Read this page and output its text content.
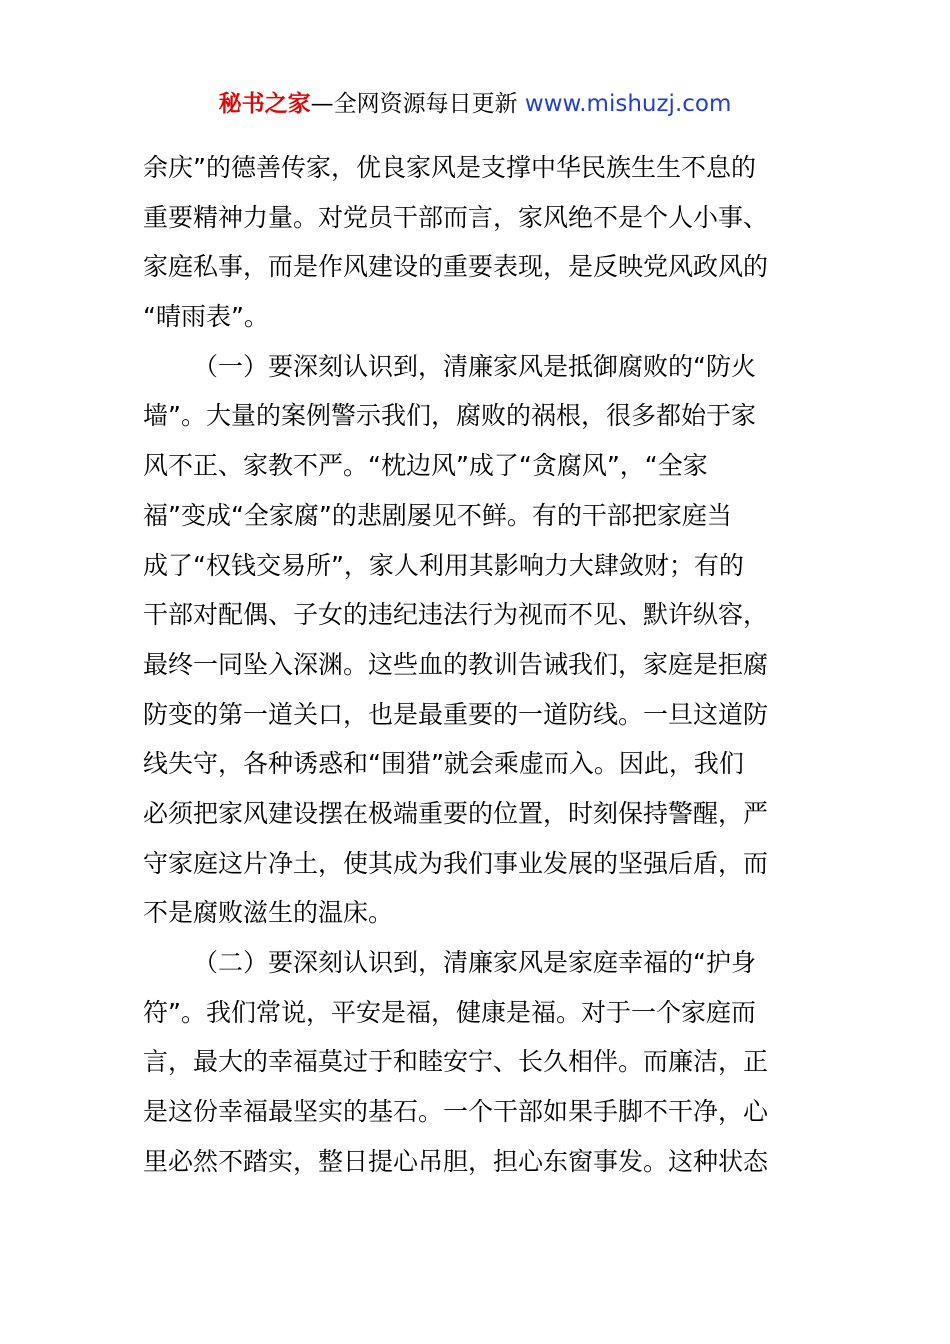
秘书之家—全网资源每日更新 www.mishuzj.com
余庆”的德善传家，优良家风是支撑中华民族生生不息的
重要精神力量。对党员干部而言，家风绝不是个人小事、
家庭私事，而是作风建设的重要表现，是反映党风政风的
“晴雨表”。
（一）要深刻认识到，清廉家风是抵御腐败的“防火
墙”。大量的案例警示我们，腐败的祸根，很多都始于家
风不正、家教不严。“枕边风”成了“贪腐风”，“全家
福”变成“全家腐”的悲剧屡见不鲜。有的干部把家庭当
成了“权钱交易所”，家人利用其影响力大肆敛财；有的
干部对配偶、子女的违纪违法行为视而不见、默许纵容，
最终一同坠入深渊。这些血的教训告诫我们，家庭是拒腐
防变的第一道关口，也是最重要的一道防线。一旦这道防
线失守，各种诱惑和“围猎”就会乘虚而入。因此，我们
必须把家风建设摆在极端重要的位置，时刻保持警醒，严
守家庭这片净土，使其成为我们事业发展的坚强后盾，而
不是腐败滋生的温床。
（二）要深刻认识到，清廉家风是家庭幸福的“护身
符”。我们常说，平安是福，健康是福。对于一个家庭而
言，最大的幸福莫过于和睦安宁、长久相伴。而廉洁，正
是这份幸福最坚实的基石。一个干部如果手脚不干净，心
里必然不踏实，整日提心吊胆，担心东窗事发。这种状态
